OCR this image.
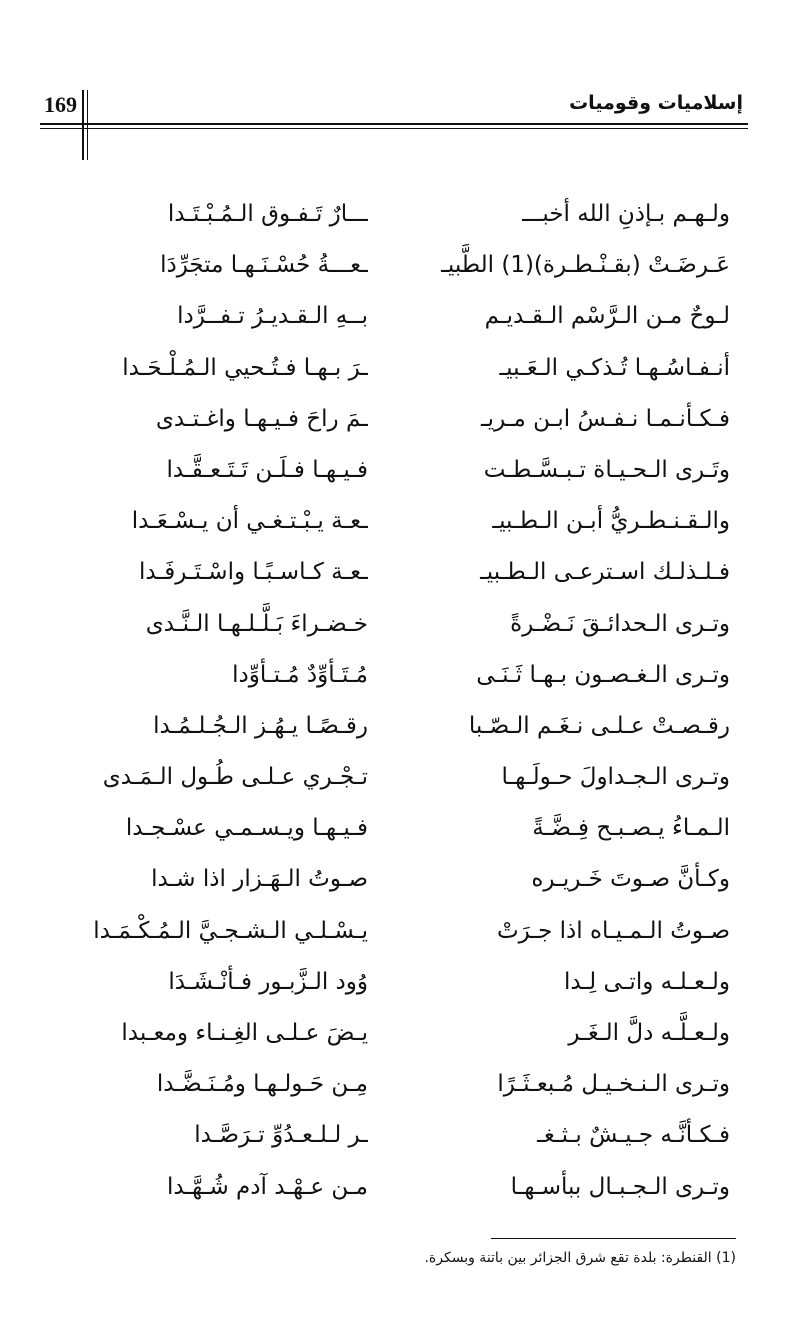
169	إسلاميات وقوميات
ولـهـم بـإذنِ الله أخبـــ
ـــارٌ تَـفـوق الـمُـبْـتَـدا
عَـرضَـتْ (بقـنْـطـرة)(1) الطَّبيـ
ـعـــةُ حُسْـنَـهـا متجَرِّدَا
لـوحٌ مـن الـرَّسْم الـقـديـم
بــهِ الـقـديـرُ تـفــرَّدا
أنـفـاسُـهـا تُـذكـي الـعَـبيـ
ـرَ بـهـا فـتُـحيي الـمُـلْـحَـدا
فـكـأنـمـا نـفـسُ ابـن مـريـ
ـمَ راحَ فـيـهـا واغـتـدى
وتَـرى الـحـيـاة تـبـسَّـطـت
فـيـهـا فـلَـن تَـتَـعـقَّـدا
والـقـنـطـريُّ أبـن الـطـبيـ
ـعـة يـبْـتـغـي أن يـسْـعَـدا
فـلـذلـك اسـترعـى الـطـبيـ
ـعـة كـاسـبًـا واسْـتَـرفَـدا
وتـرى الـحدائـقَ نَـضْـرةً
خـضـراءَ بَـلَّـلـهـا الـنَّـدى
وتـرى الـغـصـون بـهـا ثَـنَـى
مُـتَـأوِّدٌ مُـتـأوِّدا
رقـصـتْ عـلـى نـغَـم الـصّـبا
رقـصًـا يـهُـز الـجُـلـمُـدا
وتـرى الـجـداولَ حـولَـهـا
تـجْـري عـلـى طُـول الـمَـدى
الـمـاءُ يـصـبـح فِـضَّـةً
فـيـهـا ويـسـمـي عسْـجـدا
وكـأنَّ صـوتَ خَـريـره
صـوتُ الـهَـزار اذا شـدا
صـوتُ الـمـيـاه اذا جـرَتْ
يـسْـلـي الـشـجـيَّ الـمُـكْـمَـدا
ولـعـلـه واتـى لِـدا
وُود الـزَّبـور فـأنْـشَـدَا
ولـعـلَّـه دلَّ الـغَـر
يـضَ عـلـى الغِـنـاء ومعـبدا
وتـرى الـنـخـيـل مُـبعـثَـرًا
مِـن حَـولـهـا ومُـنَـضَّـدا
فـكـأنَّـه جـيـشٌ بـثـغـ
ـر لـلـعـدُوِّ تـرَصَّـدا
وتـرى الـجـبـال ببأسـهـا
مـن عـهْـد آدم شُـهَّـدا
(1) القنطرة: بلدة تقع شرق الجزائر بين باتنة وبسكرة.
